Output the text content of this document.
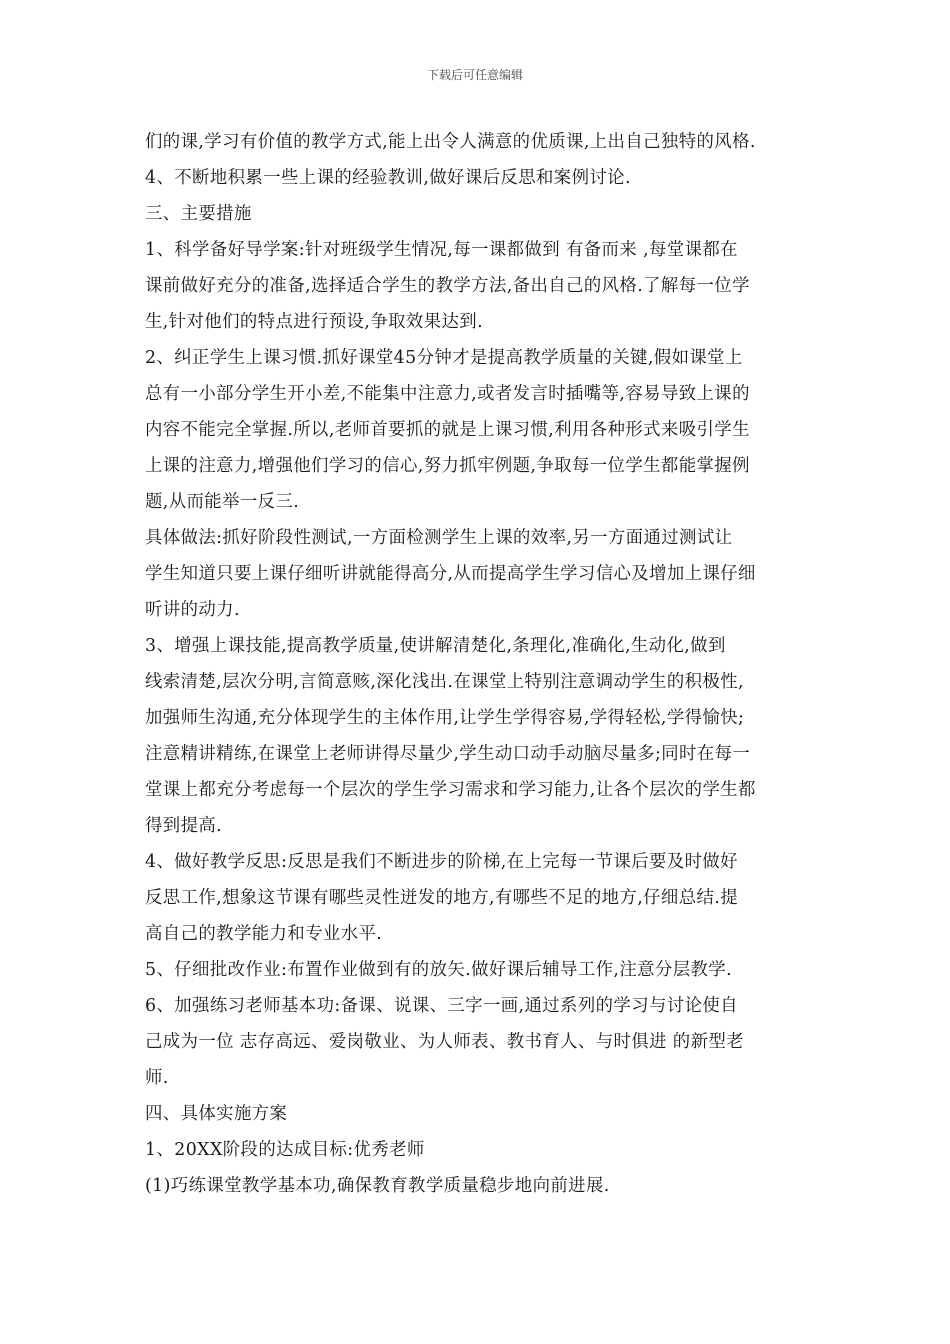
下载后可任意编辑
们的课,学习有价值的教学方式,能上出令人满意的优质课,上出自己独特的风格.
4、不断地积累一些上课的经验教训,做好课后反思和案例讨论.
三、主要措施
1、科学备好导学案:针对班级学生情况,每一课都做到 有备而来 ,每堂课都在
课前做好充分的准备,选择适合学生的教学方法,备出自己的风格.了解每一位学
生,针对他们的特点进行预设,争取效果达到.
2、纠正学生上课习惯.抓好课堂45分钟才是提高教学质量的关键,假如课堂上
总有一小部分学生开小差,不能集中注意力,或者发言时插嘴等,容易导致上课的
内容不能完全掌握.所以,老师首要抓的就是上课习惯,利用各种形式来吸引学生
上课的注意力,增强他们学习的信心,努力抓牢例题,争取每一位学生都能掌握例
题,从而能举一反三.
具体做法:抓好阶段性测试,一方面检测学生上课的效率,另一方面通过测试让
学生知道只要上课仔细听讲就能得高分,从而提高学生学习信心及增加上课仔细
听讲的动力.
3、增强上课技能,提高教学质量,使讲解清楚化,条理化,准确化,生动化,做到
线索清楚,层次分明,言简意赅,深化浅出.在课堂上特别注意调动学生的积极性,
加强师生沟通,充分体现学生的主体作用,让学生学得容易,学得轻松,学得愉快;
注意精讲精练,在课堂上老师讲得尽量少,学生动口动手动脑尽量多;同时在每一
堂课上都充分考虑每一个层次的学生学习需求和学习能力,让各个层次的学生都
得到提高.
4、做好教学反思:反思是我们不断进步的阶梯,在上完每一节课后要及时做好
反思工作,想象这节课有哪些灵性迸发的地方,有哪些不足的地方,仔细总结.提
高自己的教学能力和专业水平.
5、仔细批改作业:布置作业做到有的放矢.做好课后辅导工作,注意分层教学.
6、加强练习老师基本功:备课、说课、三字一画,通过系列的学习与讨论使自
己成为一位 志存高远、爱岗敬业、为人师表、教书育人、与时俱进 的新型老
师.
四、具体实施方案
1、20XX阶段的达成目标:优秀老师
(1)巧练课堂教学基本功,确保教育教学质量稳步地向前进展.
